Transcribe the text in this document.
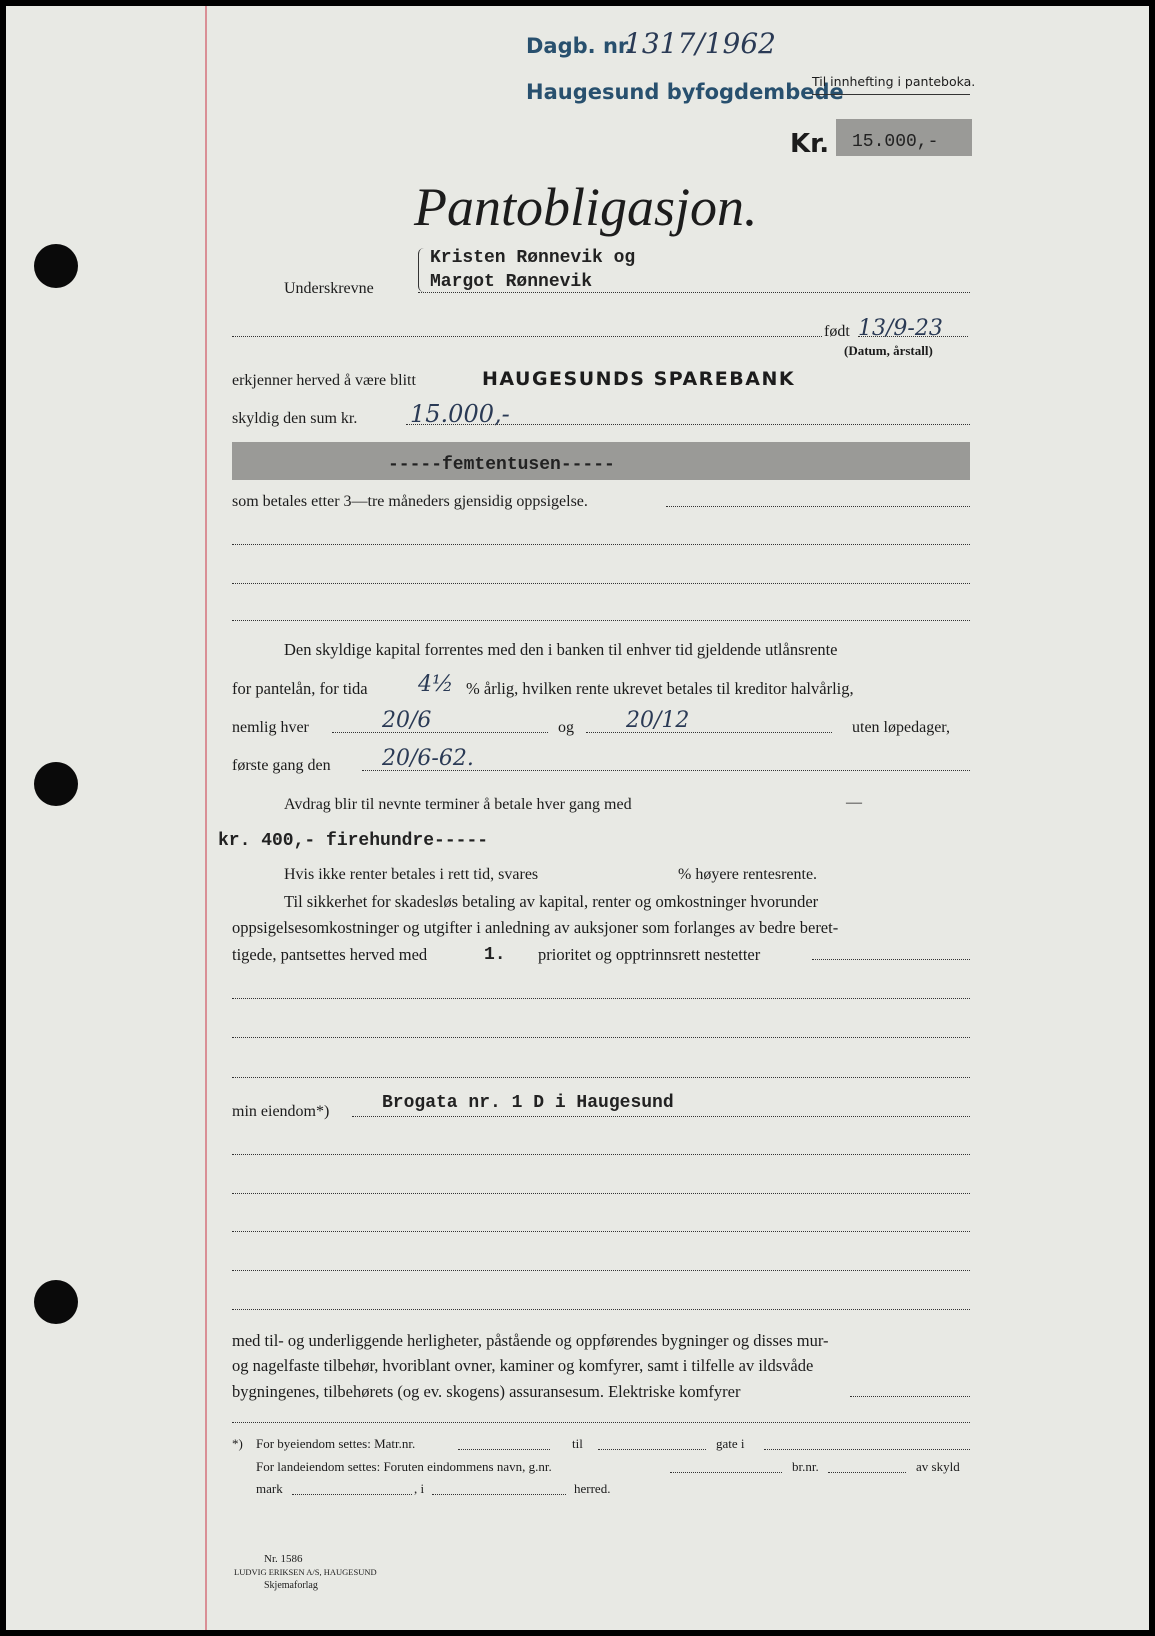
Dagb. nr.
1317/1962
Haugesund byfogdembede
Til innhefting i panteboka.
Kr. 15.000,-
Pantobligasjon.
Kristen Rønnevik og
Margot Rønnevik
Underskrevne
født 13/9-23
(Datum, årstall)
erkjenner herved å være blitt	HAUGESUNDS SPAREBANK
skyldig den sum kr. 15.000,-
-----femtentusen-----
som betales etter 3—tre måneders gjensidig oppsigelse.
Den skyldige kapital forrentes med den i banken til enhver tid gjeldende utlånsrente
for pantelån, for tida 4½ % årlig, hvilken rente ukrevet betales til kreditor halvårlig,
nemlig hver	20/6	og 20/12	uten løpedager,
første gang den 20/6-62.
Avdrag blir til nevnte terminer å betale hver gang med	—
kr. 400,- firehundre-----
Hvis ikke renter betales i rett tid, svares	% høyere rentesrente.
Til sikkerhet for skadesløs betaling av kapital, renter og omkostninger hvorunder
oppsigelsesomkostninger og utgifter i anledning av auksjoner som forlanges av bedre beret-
tigede, pantsettes herved med	1. prioritet og opptrinnsrett nestetter
min eiendom*)	Brogata nr. 1 D i Haugesund
med til- og underliggende herligheter, påstående og oppførendes bygninger og disses mur-
og nagelfaste tilbehør, hvoriblant ovner, kaminer og komfyrer, samt i tilfelle av ildsvåde
bygningenes, tilbehørets (og ev. skogens) assuransesum. Elektriske komfyrer
*) For byeiendom settes: Matr.nr.	til	gate i
For landeiendom settes: Foruten eindommens navn, g.nr.	br.nr.	av skyld
mark	, i	herred.
Nr. 1586
LUDVIG ERIKSEN A/S, HAUGESUND
Skjemaforlag
